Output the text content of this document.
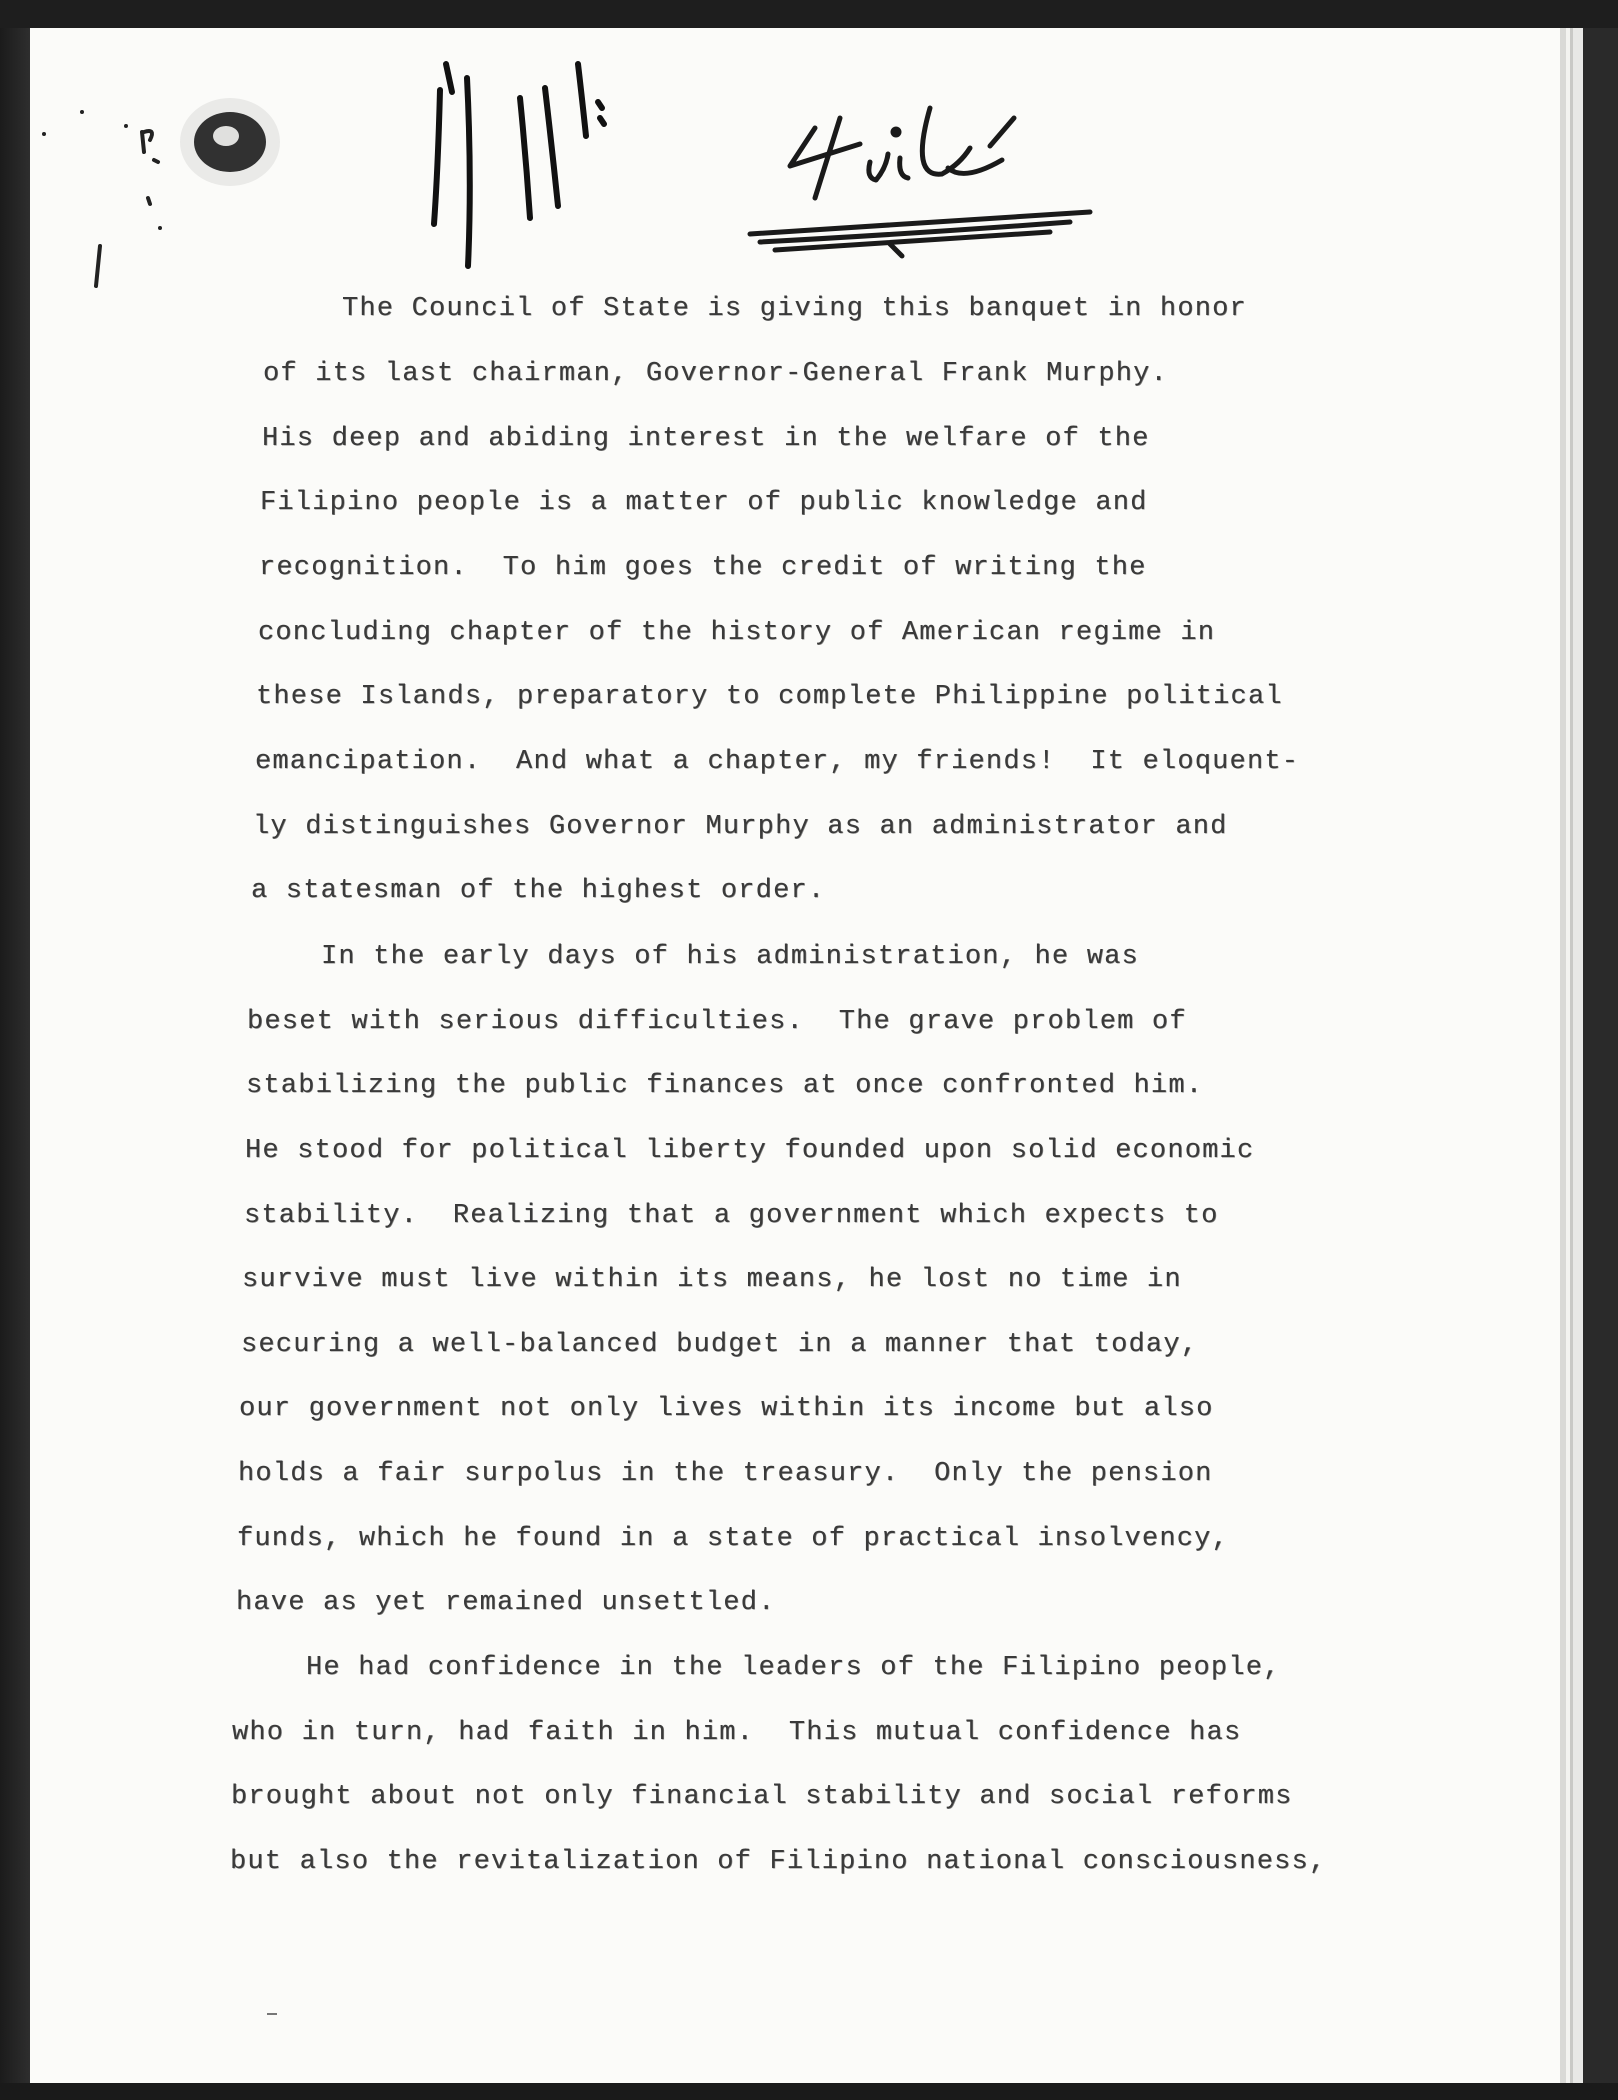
The Council of State is giving this banquet in honor
of its last chairman, Governor-General Frank Murphy.
His deep and abiding interest in the welfare of the
Filipino people is a matter of public knowledge and
recognition.  To him goes the credit of writing the
concluding chapter of the history of American regime in
these Islands, preparatory to complete Philippine political
emancipation.  And what a chapter, my friends!  It eloquent-
ly distinguishes Governor Murphy as an administrator and
a statesman of the highest order.
In the early days of his administration, he was
beset with serious difficulties.  The grave problem of
stabilizing the public finances at once confronted him.
He stood for political liberty founded upon solid economic
stability.  Realizing that a government which expects to
survive must live within its means, he lost no time in
securing a well-balanced budget in a manner that today,
our government not only lives within its income but also
holds a fair surpolus in the treasury.  Only the pension
funds, which he found in a state of practical insolvency,
have as yet remained unsettled.
He had confidence in the leaders of the Filipino people,
who in turn, had faith in him.  This mutual confidence has
brought about not only financial stability and social reforms
but also the revitalization of Filipino national consciousness,
